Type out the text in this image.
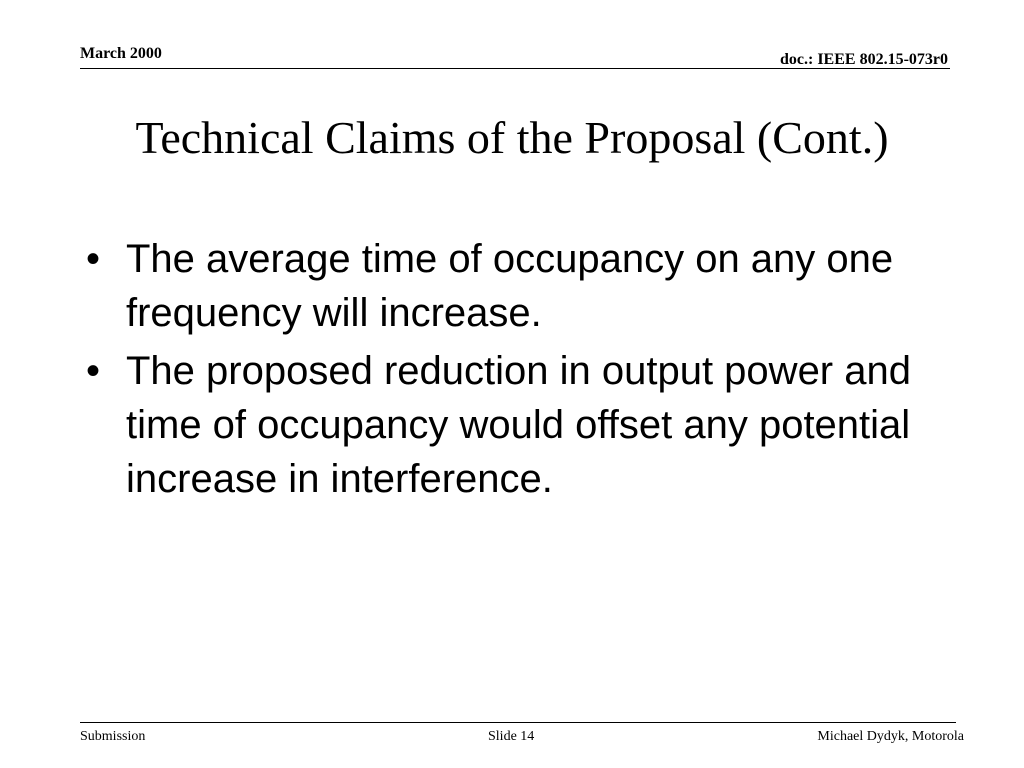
March 2000	doc.: IEEE 802.15-073r0
Technical Claims of the Proposal (Cont.)
• The average time of occupancy on any one frequency will increase.
• The proposed reduction in output power and time of occupancy would offset any potential increase in interference.
Submission	Slide 14	Michael Dydyk, Motorola
